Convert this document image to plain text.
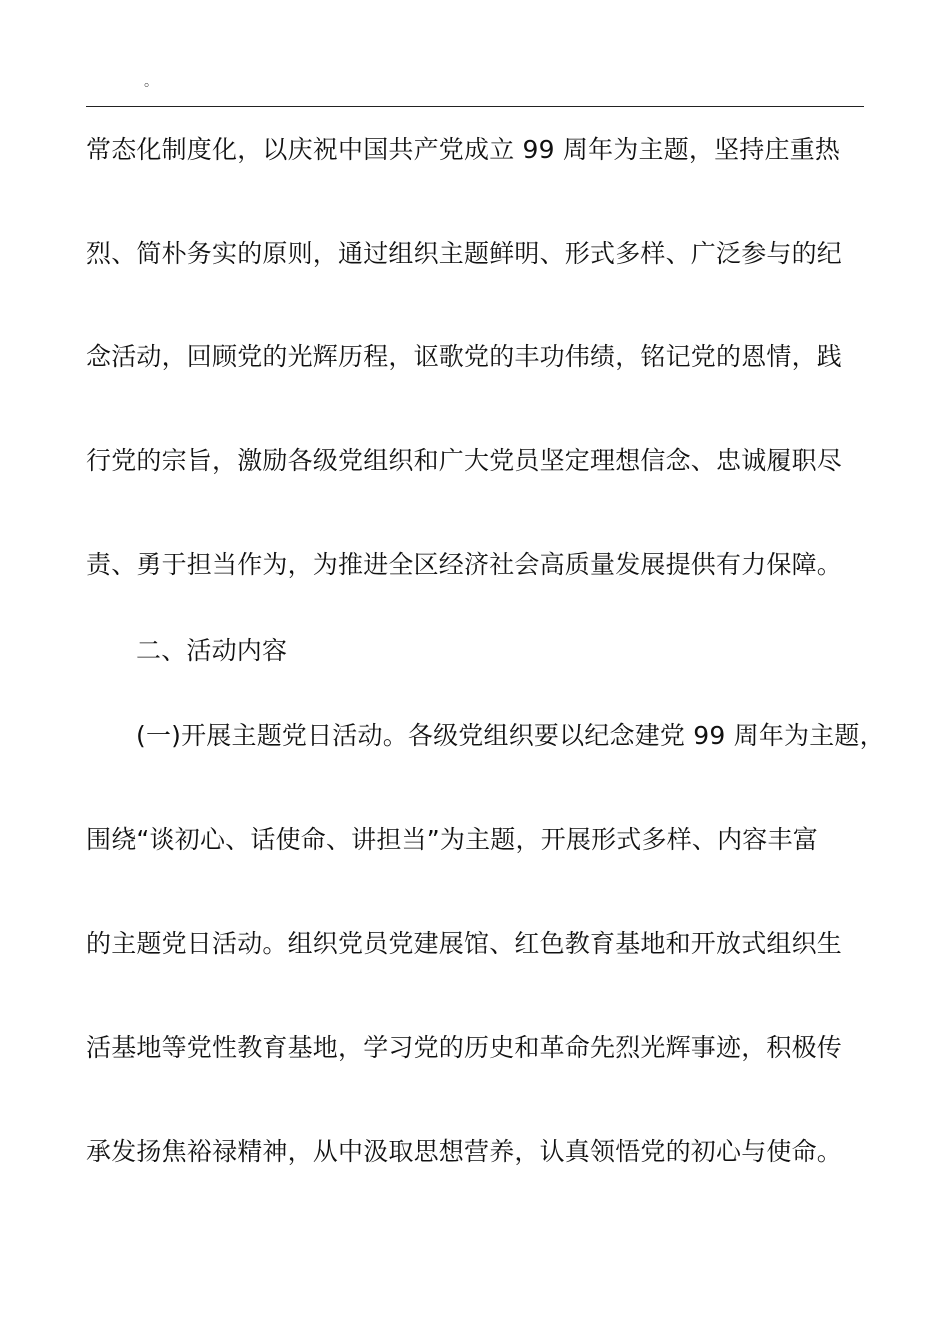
。
常态化制度化，以庆祝中国共产党成立 99 周年为主题，坚持庄重热
烈、简朴务实的原则，通过组织主题鲜明、形式多样、广泛参与的纪
念活动，回顾党的光辉历程，讴歌党的丰功伟绩，铭记党的恩情，践
行党的宗旨，激励各级党组织和广大党员坚定理想信念、忠诚履职尽
责、勇于担当作为，为推进全区经济社会高质量发展提供有力保障。
二、活动内容
(一)开展主题党日活动。各级党组织要以纪念建党 99 周年为主题，
围绕“谈初心、话使命、讲担当”为主题，开展形式多样、内容丰富
的主题党日活动。组织党员党建展馆、红色教育基地和开放式组织生
活基地等党性教育基地，学习党的历史和革命先烈光辉事迹，积极传
承发扬焦裕禄精神，从中汲取思想营养，认真领悟党的初心与使命。
